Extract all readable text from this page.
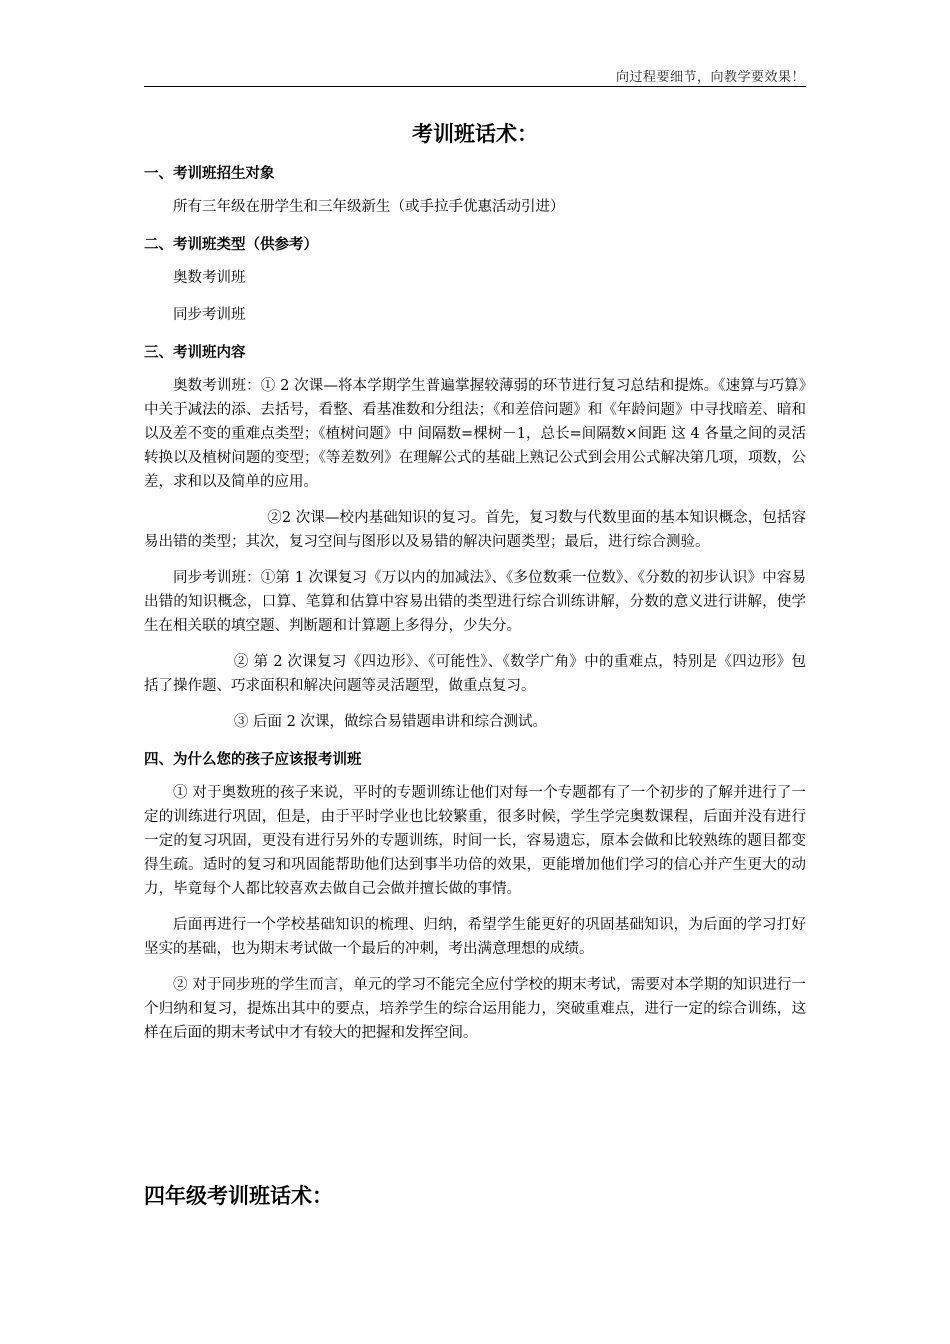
向过程要细节，向教学要效果！
考训班话术：
一、考训班招生对象

所有三年级在册学生和三年级新生（或手拉手优惠活动引进）

二、考训班类型（供参考）
奥数考训班
同步考训班
三、考训班内容

奥数考训班：① 2 次课—将本学期学生普遍掌握较薄弱的环节进行复习总结和提炼。《速算与巧算》中关于减法的添、去括号，看整、看基准数和分组法；《和差倍问题》和《年龄问题》中寻找暗差、暗和以及差不变的重难点类型；《植树问题》中 间隔数=棵树－1，总长=间隔数×间距 这 4 各量之间的灵活转换以及植树问题的变型；《等差数列》在理解公式的基础上熟记公式到会用公式解决第几项，项数，公差，求和以及简单的应用。

②2 次课—校内基础知识的复习。首先，复习数与代数里面的基本知识概念，包括容易出错的类型；其次，复习空间与图形以及易错的解决问题类型；最后，进行综合测验。

同步考训班：①第 1 次课复习《万以内的加减法》、《多位数乘一位数》、《分数的初步认识》中容易出错的知识概念，口算、笔算和估算中容易出错的类型进行综合训练讲解，分数的意义进行讲解，使学生在相关联的填空题、判断题和计算题上多得分，少失分。

② 第 2 次课复习《四边形》、《可能性》、《数学广角》中的重难点，特别是《四边形》包括了操作题、巧求面积和解决问题等灵活题型，做重点复习。

③ 后面 2 次课，做综合易错题串讲和综合测试。

四、为什么您的孩子应该报考训班

① 对于奥数班的孩子来说，平时的专题训练让他们对每一个专题都有了一个初步的了解并进行了一定的训练进行巩固，但是，由于平时学业也比较繁重，很多时候，学生学完奥数课程，后面并没有进行一定的复习巩固，更没有进行另外的专题训练，时间一长，容易遗忘，原本会做和比较熟练的题目都变得生疏。适时的复习和巩固能帮助他们达到事半功倍的效果，更能增加他们学习的信心并产生更大的动力，毕竟每个人都比较喜欢去做自己会做并擅长做的事情。

后面再进行一个学校基础知识的梳理、归纳，希望学生能更好的巩固基础知识，为后面的学习打好坚实的基础，也为期末考试做一个最后的冲刺，考出满意理想的成绩。

② 对于同步班的学生而言，单元的学习不能完全应付学校的期末考试，需要对本学期的知识进行一个归纳和复习，提炼出其中的要点，培养学生的综合运用能力，突破重难点，进行一定的综合训练，这样在后面的期末考试中才有较大的把握和发挥空间。

四年级考训班话术：
